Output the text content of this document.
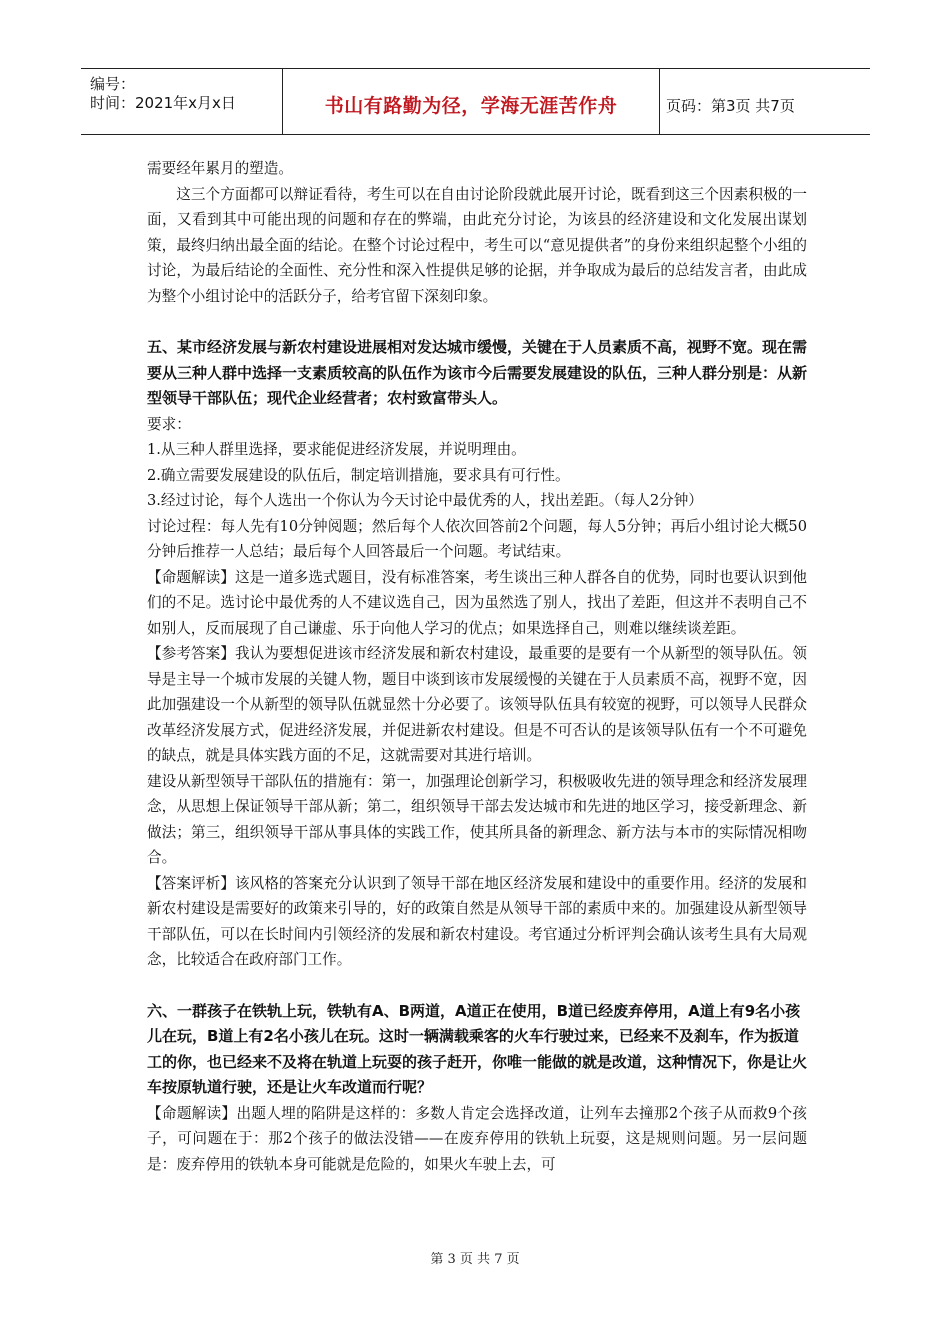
编号：
时间：2021年x月x日	书山有路勤为径，学海无涯苦作舟	页码：第3页 共7页

需要经年累月的塑造。

这三个方面都可以辩证看待，考生可以在自由讨论阶段就此展开讨论，既看到这三个因素积极的一面，又看到其中可能出现的问题和存在的弊端，由此充分讨论，为该县的经济建设和文化发展出谋划策，最终归纳出最全面的结论。在整个讨论过程中，考生可以“意见提供者”的身份来组织起整个小组的讨论，为最后结论的全面性、充分性和深入性提供足够的论据，并争取成为最后的总结发言者，由此成为整个小组讨论中的活跃分子，给考官留下深刻印象。

五、某市经济发展与新农村建设进展相对发达城市缓慢，关键在于人员素质不高，视野不宽。现在需要从三种人群中选择一支素质较高的队伍作为该市今后需要发展建设的队伍，三种人群分别是：从新型领导干部队伍；现代企业经营者；农村致富带头人。

要求：

1.从三种人群里选择，要求能促进经济发展，并说明理由。

2.确立需要发展建设的队伍后，制定培训措施，要求具有可行性。

3.经过讨论，每个人选出一个你认为今天讨论中最优秀的人，找出差距。（每人2分钟）

讨论过程：每人先有10分钟阅题；然后每个人依次回答前2个问题，每人5分钟；再后小组讨论大概50分钟后推荐一人总结；最后每个人回答最后一个问题。考试结束。

【命题解读】这是一道多选式题目，没有标准答案，考生谈出三种人群各自的优势，同时也要认识到他们的不足。选讨论中最优秀的人不建议选自己，因为虽然选了别人，找出了差距，但这并不表明自己不如别人，反而展现了自己谦虚、乐于向他人学习的优点；如果选择自己，则难以继续谈差距。

【参考答案】我认为要想促进该市经济发展和新农村建设，最重要的是要有一个从新型的领导队伍。领导是主导一个城市发展的关键人物，题目中谈到该市发展缓慢的关键在于人员素质不高，视野不宽，因此加强建设一个从新型的领导队伍就显然十分必要了。该领导队伍具有较宽的视野，可以领导人民群众改革经济发展方式，促进经济发展，并促进新农村建设。但是不可否认的是该领导队伍有一个不可避免的缺点，就是具体实践方面的不足，这就需要对其进行培训。

建设从新型领导干部队伍的措施有：第一，加强理论创新学习，积极吸收先进的领导理念和经济发展理念，从思想上保证领导干部从新；第二，组织领导干部去发达城市和先进的地区学习，接受新理念、新做法；第三，组织领导干部从事具体的实践工作，使其所具备的新理念、新方法与本市的实际情况相吻合。

【答案评析】该风格的答案充分认识到了领导干部在地区经济发展和建设中的重要作用。经济的发展和新农村建设是需要好的政策来引导的，好的政策自然是从领导干部的素质中来的。加强建设从新型领导干部队伍，可以在长时间内引领经济的发展和新农村建设。考官通过分析评判会确认该考生具有大局观念，比较适合在政府部门工作。

六、一群孩子在铁轨上玩，铁轨有A、B两道，A道正在使用，B道已经废弃停用，A道上有9名小孩儿在玩，B道上有2名小孩儿在玩。这时一辆满载乘客的火车行驶过来，已经来不及刹车，作为扳道工的你，也已经来不及将在轨道上玩耍的孩子赶开，你唯一能做的就是改道，这种情况下，你是让火车按原轨道行驶，还是让火车改道而行呢？

【命题解读】出题人埋的陷阱是这样的：多数人肯定会选择改道，让列车去撞那2个孩子从而救9个孩子，可问题在于：那2个孩子的做法没错——在废弃停用的铁轨上玩耍，这是规则问题。另一层问题是：废弃停用的铁轨本身可能就是危险的，如果火车驶上去，可

第 3 页 共 7 页
